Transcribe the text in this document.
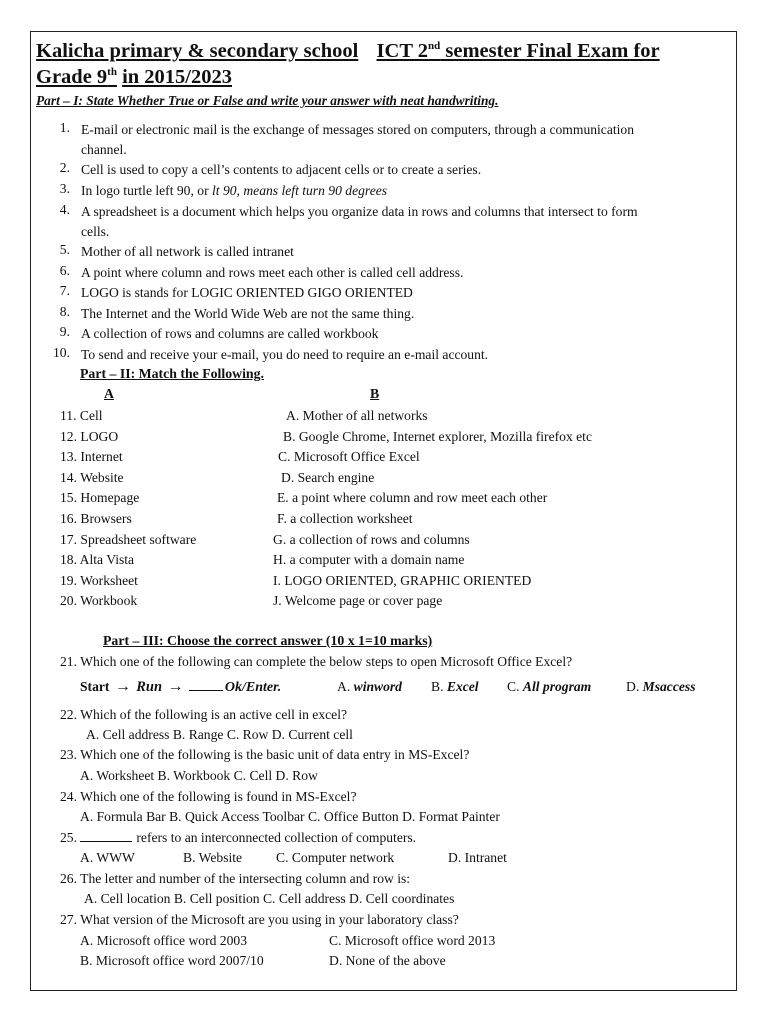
Kalicha primary & secondary school ICT 2nd semester Final Exam for
Grade 9th in 2015/2023
Part – I: State Whether True or False and write your answer with neat handwriting.
1. E-mail or electronic mail is the exchange of messages stored on computers, through a communication
channel.
2. Cell is used to copy a cell’s contents to adjacent cells or to create a series.
3. In logo turtle left 90, or lt 90, means left turn 90 degrees
4. A spreadsheet is a document which helps you organize data in rows and columns that intersect to form
cells.
5. Mother of all network is called intranet
6. A point where column and rows meet each other is called cell address.
7. LOGO is stands for LOGIC ORIENTED GIGO ORIENTED
8. The Internet and the World Wide Web are not the same thing.
9. A collection of rows and columns are called workbook
10. To send and receive your e-mail, you do need to require an e-mail account.
Part – II: Match the Following.
A	B
11. Cell	A. Mother of all networks
12. LOGO	B. Google Chrome, Internet explorer, Mozilla firefox etc
13. Internet	C. Microsoft Office Excel
14. Website	D. Search engine
15. Homepage	E. a point where column and row meet each other
16. Browsers	F. a collection worksheet
17. Spreadsheet software	G. a collection of rows and columns
18. Alta Vista	H. a computer with a domain name
19. Worksheet	I. LOGO ORIENTED, GRAPHIC ORIENTED
20. Workbook	J. Welcome page or cover page
Part – III: Choose the correct answer (10 x 1=10 marks)
21. Which one of the following can complete the below steps to open Microsoft Office Excel?
Start → Run →	Ok/Enter.	A. winword B. Excel C. All program	D. Msaccess
22. Which of the following is an active cell in excel?
A. Cell address B. Range C. Row D. Current cell
23. Which one of the following is the basic unit of data entry in MS-Excel?
A. Worksheet B. Workbook C. Cell D. Row
24. Which one of the following is found in MS-Excel?
A. Formula Bar B. Quick Access Toolbar C. Office Button D. Format Painter
25.	refers to an interconnected collection of computers.
A. WWW	B. Website C. Computer network	D. Intranet
26. The letter and number of the intersecting column and row is:
A. Cell location B. Cell position C. Cell address D. Cell coordinates
27. What version of the Microsoft are you using in your laboratory class?
A. Microsoft office word 2003	C. Microsoft office word 2013
B. Microsoft office word 2007/10	D. None of the above
